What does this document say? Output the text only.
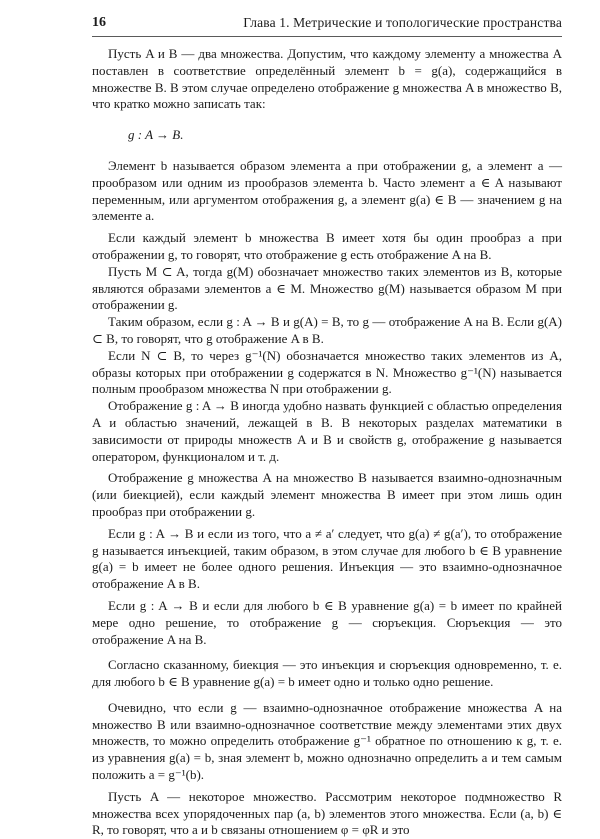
16	Глава 1. Метрические и топологические пространства

Пусть A и B — два множества. Допустим, что каждому элементу a множества A поставлен в соответствие определённый элемент b = g(a), содержащийся в множестве B. В этом случае определено отображение g множества A в множество B, что кратко можно записать так:

g : A → B.

Элемент b называется образом элемента a при отображении g, а элемент a — прообразом или одним из прообразов элемента b. Часто элемент a ∈ A называют переменным, или аргументом отображения g, а элемент g(a) ∈ B — значением g на элементе a.

Если каждый элемент b множества B имеет хотя бы один прообраз a при отображении g, то говорят, что отображение g есть отображение A на B.

Пусть M ⊂ A, тогда g(M) обозначает множество таких элементов из B, которые являются образами элементов a ∈ M. Множество g(M) называется образом M при отображении g.

Таким образом, если g : A → B и g(A) = B, то g — отображение A на B. Если g(A) ⊂ B, то говорят, что g отображение A в B.

Если N ⊂ B, то через g⁻¹(N) обозначается множество таких элементов из A, образы которых при отображении g содержатся в N. Множество g⁻¹(N) называется полным прообразом множества N при отображении g.

Отображение g : A → B иногда удобно назвать функцией с областью определения A и областью значений, лежащей в B. В некоторых разделах математики в зависимости от природы множеств A и B и свойств g, отображение g называется оператором, функционалом и т. д.

Отображение g множества A на множество B называется взаимно-однозначным (или биекцией), если каждый элемент множества B имеет при этом лишь один прообраз при отображении g.

Если g : A → B и если из того, что a ≠ a′ следует, что g(a) ≠ g(a′), то отображение g называется инъекцией, таким образом, в этом случае для любого b ∈ B уравнение g(a) = b имеет не более одного решения. Инъекция — это взаимно-однозначное отображение A в B.

Если g : A → B и если для любого b ∈ B уравнение g(a) = b имеет по крайней мере одно решение, то отображение g — сюръекция. Сюръекция — это отображение A на B.

Согласно сказанному, биекция — это инъекция и сюръекция одновременно, т. е. для любого b ∈ B уравнение g(a) = b имеет одно и только одно решение.

Очевидно, что если g — взаимно-однозначное отображение множества A на множество B или взаимно-однозначное соответствие между элементами этих двух множеств, то можно определить отображение g⁻¹ обратное по отношению к g, т. е. из уравнения g(a) = b, зная элемент b, можно однозначно определить a и тем самым положить a = g⁻¹(b).

Пусть A — некоторое множество. Рассмотрим некоторое подмножество R множества всех упорядоченных пар (a, b) элементов этого множества. Если (a, b) ∈ R, то говорят, что a и b связаны отношением φ = φR и это
